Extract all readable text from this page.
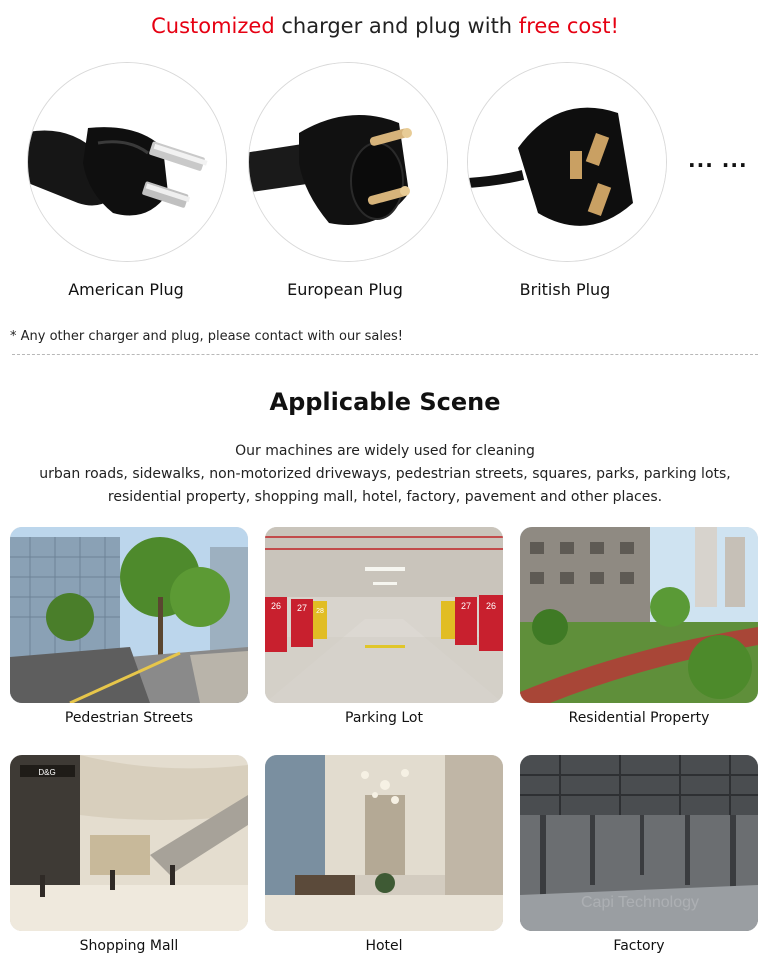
Customized charger and plug with free cost!
... ...
American Plug	European Plug	British Plug
* Any other charger and plug, please contact with our sales!
Applicable Scene
Our machines are widely used for cleaning
urban roads, sidewalks, non-motorized driveways, pedestrian streets, squares, parks, parking lots,
residential property, shopping mall, hotel, factory, pavement and other places.
Pedestrian Streets
26 27 28
27 26
Parking Lot	Residential Property
D&G
Shopping Mall	Hotel
Capi Technology
Factory
